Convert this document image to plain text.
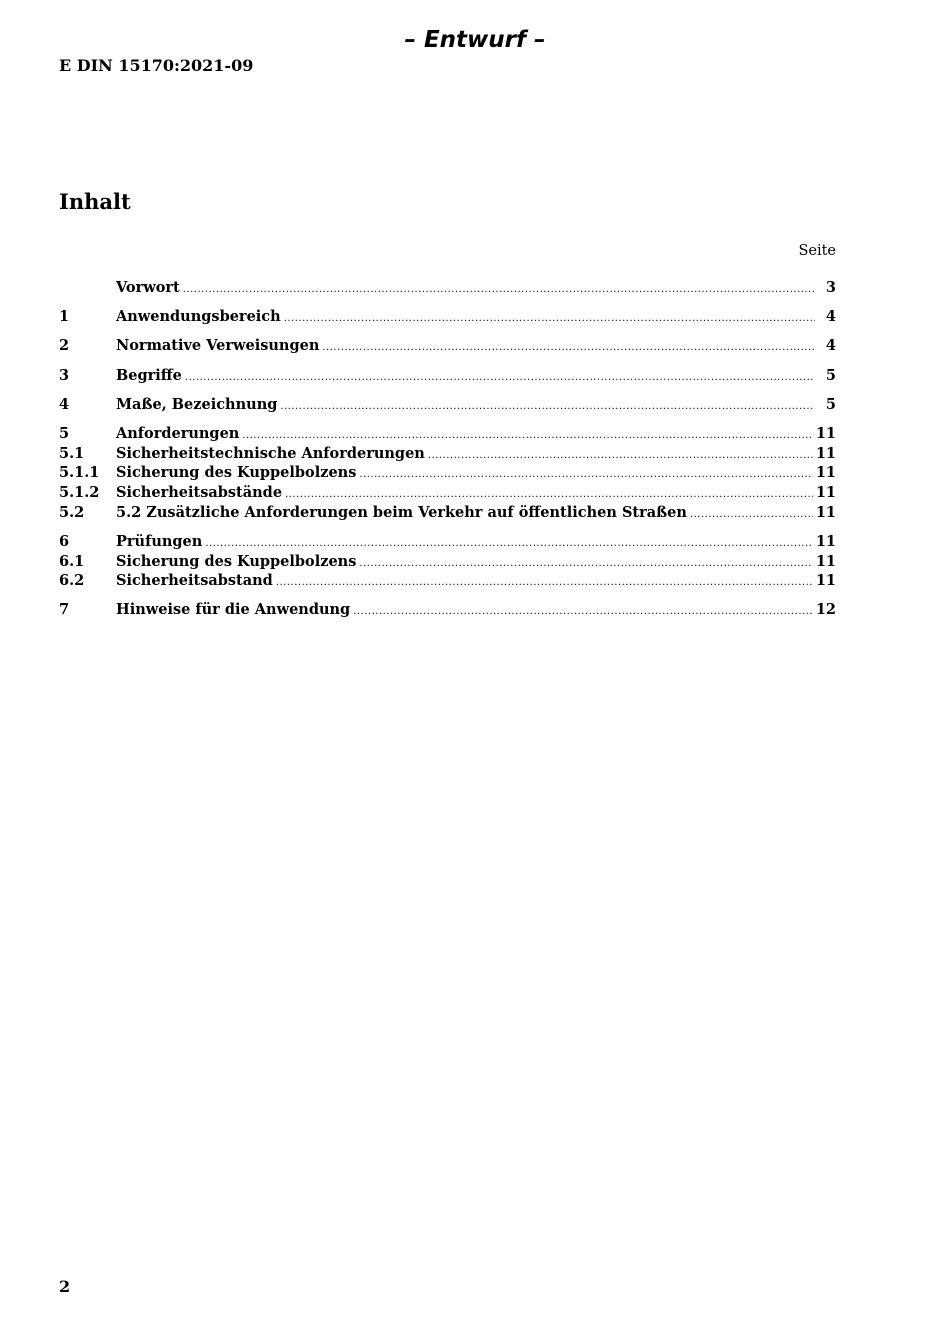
– Entwurf –
E DIN 15170:2021-09
Inhalt
Seite
Vorwort .....	3
1	Anwendungsbereich .....	4
2	Normative Verweisungen .....	4
3	Begriffe .....	5
4	Maße, Bezeichnung .....	5
5	Anforderungen .....	11
5.1	Sicherheitstechnische Anforderungen .....	11
5.1.1	Sicherung des Kuppelbolzens .....	11
5.1.2	Sicherheitsabstände .....	11
5.2	5.2 Zusätzliche Anforderungen beim Verkehr auf öffentlichen Straßen .....	11
6	Prüfungen .....	11
6.1	Sicherung des Kuppelbolzens .....	11
6.2	Sicherheitsabstand .....	11
7	Hinweise für die Anwendung .....	12
2
